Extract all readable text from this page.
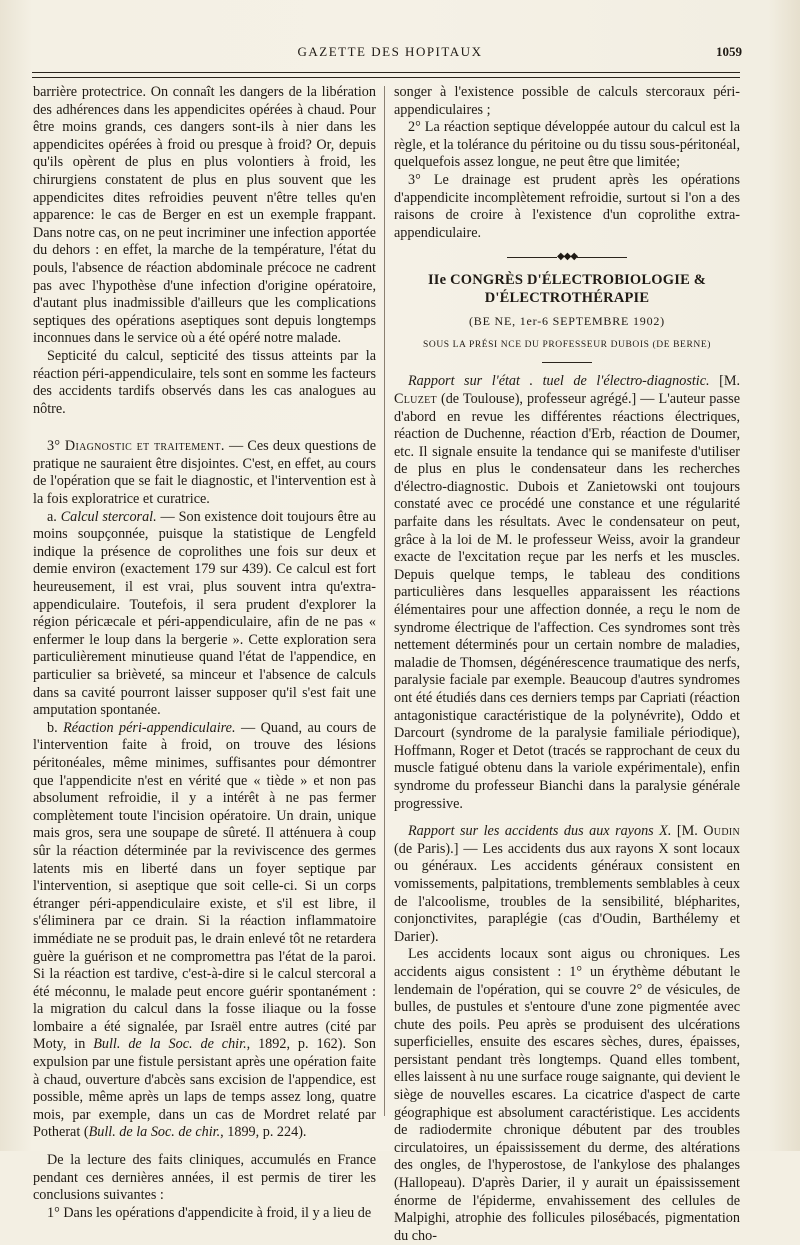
GAZETTE DES HOPITAUX	1059

barrière protectrice. On connaît les dangers de la libération des adhérences dans les appendicites opérées à chaud. Pour être moins grands, ces dangers sont-ils à nier dans les appendicites opérées à froid ou presque à froid? Or, depuis qu'ils opèrent de plus en plus volontiers à froid, les chirurgiens constatent de plus en plus souvent que les appendicites dites refroidies peuvent n'être telles qu'en apparence: le cas de Berger en est un exemple frappant. Dans notre cas, on ne peut incriminer une infection apportée du dehors : en effet, la marche de la température, l'état du pouls, l'absence de réaction abdominale précoce ne cadrent pas avec l'hypothèse d'une infection d'origine opératoire, d'autant plus inadmissible d'ailleurs que les complications septiques des opérations aseptiques sont depuis longtemps inconnues dans le service où a été opéré notre malade.

Septicité du calcul, septicité des tissus atteints par la réaction péri-appendiculaire, tels sont en somme les facteurs des accidents tardifs observés dans les cas analogues au nôtre.

3° Diagnostic et traitement. — Ces deux questions de pratique ne sauraient être disjointes. C'est, en effet, au cours de l'opération que se fait le diagnostic, et l'intervention est à la fois exploratrice et curatrice.

a. Calcul stercoral. — Son existence doit toujours être au moins soupçonnée, puisque la statistique de Lengfeld indique la présence de coprolithes une fois sur deux et demie environ (exactement 179 sur 439). Ce calcul est fort heureusement, il est vrai, plus souvent intra qu'extra-appendiculaire. Toutefois, il sera prudent d'explorer la région péricæcale et péri-appendiculaire, afin de ne pas « enfermer le loup dans la bergerie ». Cette exploration sera particulièrement minutieuse quand l'état de l'appendice, en particulier sa brièveté, sa minceur et l'absence de calculs dans sa cavité pourront laisser supposer qu'il s'est fait une amputation spontanée.

b. Réaction péri-appendiculaire. — Quand, au cours de l'intervention faite à froid, on trouve des lésions péritonéales, même minimes, suffisantes pour démontrer que l'appendicite n'est en vérité que « tiède » et non pas absolument refroidie, il y a intérêt à ne pas fermer complètement toute l'incision opératoire. Un drain, unique mais gros, sera une soupape de sûreté. Il atténuera à coup sûr la réaction déterminée par la reviviscence des germes latents mis en liberté dans un foyer septique par l'intervention, si aseptique que soit celle-ci. Si un corps étranger péri-appendiculaire existe, et s'il est libre, il s'éliminera par ce drain. Si la réaction inflammatoire immédiate ne se produit pas, le drain enlevé tôt ne retardera guère la guérison et ne compromettra pas l'état de la paroi. Si la réaction est tardive, c'est-à-dire si le calcul stercoral a été méconnu, le malade peut encore guérir spontanément : la migration du calcul dans la fosse iliaque ou la fosse lombaire a été signalée, par Israël entre autres (cité par Moty, in Bull. de la Soc. de chir., 1892, p. 162). Son expulsion par une fistule persistant après une opération faite à chaud, ouverture d'abcès sans excision de l'appendice, est possible, même après un laps de temps assez long, quatre mois, par exemple, dans un cas de Mordret relaté par Potherat (Bull. de la Soc. de chir., 1899, p. 224).

De la lecture des faits cliniques, accumulés en France pendant ces dernières années, il est permis de tirer les conclusions suivantes :

1° Dans les opérations d'appendicite à froid, il y a lieu de

songer à l'existence possible de calculs stercoraux péri-appendiculaires ;

2° La réaction septique développée autour du calcul est la règle, et la tolérance du péritoine ou du tissu sous-péritonéal, quelquefois assez longue, ne peut être que limitée;

3° Le drainage est prudent après les opérations d'appendicite incomplètement refroidie, surtout si l'on a des raisons de croire à l'existence d'un coprolithe extra-appendiculaire.

◆◆◆
IIe CONGRÈS D'ÉLECTROBIOLOGIE & D'ÉLECTROTHÉRAPIE
(BE NE, 1er-6 SEPTEMBRE 1902)
SOUS LA PRÉSI NCE DU PROFESSEUR DUBOIS (DE BERNE)

Rapport sur l'état . tuel de l'électro-diagnostic. [M. Cluzet (de Toulouse), professeur agrégé.] — L'auteur passe d'abord en revue les différentes réactions électriques, réaction de Duchenne, réaction d'Erb, réaction de Doumer, etc. Il signale ensuite la tendance qui se manifeste d'utiliser de plus en plus le condensateur dans les recherches d'électro-diagnostic. Dubois et Zanietowski ont toujours constaté avec ce procédé une constance et une régularité parfaite dans les résultats. Avec le condensateur on peut, grâce à la loi de M. le professeur Weiss, avoir la grandeur exacte de l'excitation reçue par les nerfs et les muscles. Depuis quelque temps, le tableau des conditions particulières dans lesquelles apparaissent les réactions élémentaires pour une affection donnée, a reçu le nom de syndrome électrique de l'affection. Ces syndromes sont très nettement déterminés pour un certain nombre de maladies, maladie de Thomsen, dégénérescence traumatique des nerfs, paralysie faciale par exemple. Beaucoup d'autres syndromes ont été étudiés dans ces derniers temps par Capriati (réaction antagonistique caractéristique de la polynévrite), Oddo et Darcourt (syndrome de la paralysie familiale périodique), Hoffmann, Roger et Detot (tracés se rapprochant de ceux du muscle fatigué obtenu dans la variole expérimentale), enfin syndrome du professeur Bianchi dans la paralysie générale progressive.

Rapport sur les accidents dus aux rayons X. [M. Oudin (de Paris).] — Les accidents dus aux rayons X sont locaux ou généraux. Les accidents généraux consistent en vomissements, palpitations, tremblements semblables à ceux de l'alcoolisme, troubles de la sensibilité, blépharites, conjonctivites, paraplégie (cas d'Oudin, Barthélemy et Darier).

Les accidents locaux sont aigus ou chroniques. Les accidents aigus consistent : 1° un érythème débutant le lendemain de l'opération, qui se couvre 2° de vésicules, de bulles, de pustules et s'entoure d'une zone pigmentée avec chute des poils. Peu après se produisent des ulcérations superficielles, ensuite des escares sèches, dures, épaisses, persistant pendant très longtemps. Quand elles tombent, elles laissent à nu une surface rouge saignante, qui devient le siège de nouvelles escares. La cicatrice d'aspect de carte géographique est absolument caractéristique. Les accidents de radiodermite chronique débutent par des troubles circulatoires, un épaississement du derme, des altérations des ongles, de l'hyperostose, de l'ankylose des phalanges (Hallopeau). D'après Darier, il y aurait un épaississement énorme de l'épiderme, envahissement des cellules de Malpighi, atrophie des follicules pilosébacés, pigmentation du cho-
